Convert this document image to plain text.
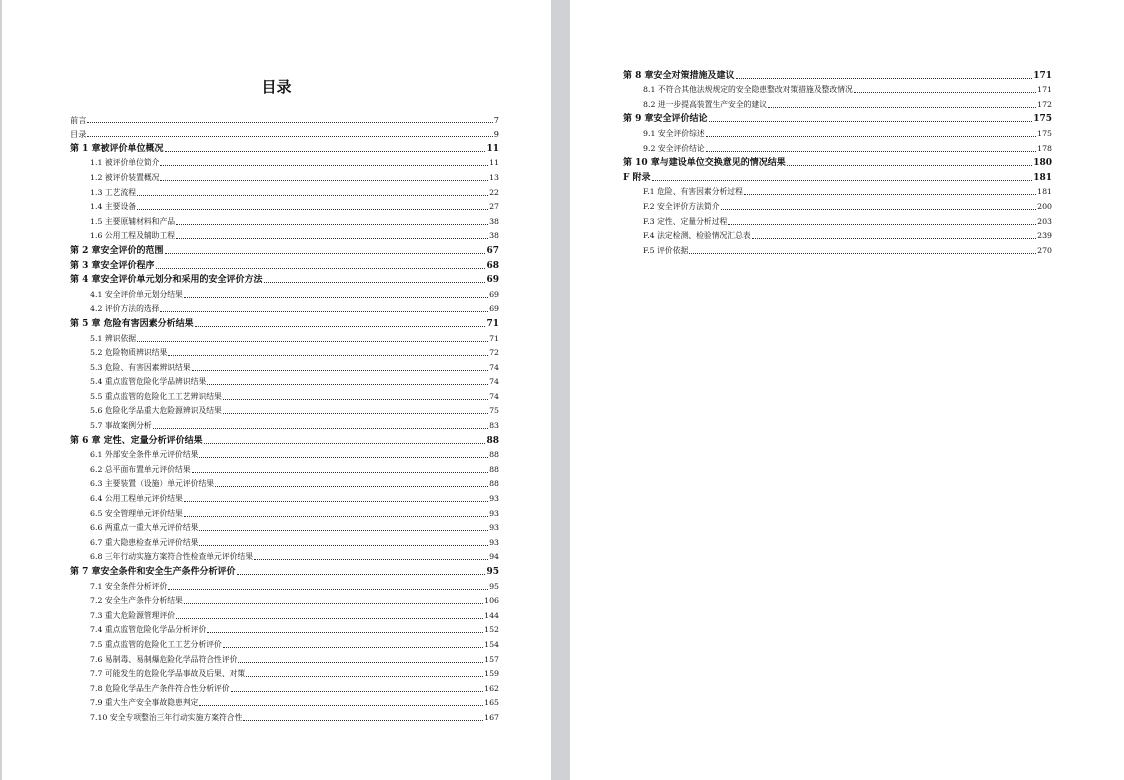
目录
前言	7
目录	9
第 1 章被评价单位概况	11
1.1 被评价单位简介	11
1.2 被评价装置概况	13
1.3 工艺流程	22
1.4 主要设备	27
1.5 主要原辅材料和产品	38
1.6 公用工程及辅助工程	38
第 2 章安全评价的范围	67
第 3 章安全评价程序	68
第 4 章安全评价单元划分和采用的安全评价方法	69
4.1 安全评价单元划分结果	69
4.2 评价方法的选择	69
第 5 章 危险有害因素分析结果	71
5.1 辨识依据	71
5.2 危险物质辨识结果	72
5.3 危险、有害因素辨识结果	74
5.4 重点监管危险化学品辨识结果	74
5.5 重点监管的危险化工工艺辨识结果	74
5.6 危险化学品重大危险源辨识及结果	75
5.7 事故案例分析	83
第 6 章 定性、定量分析评价结果	88
6.1 外部安全条件单元评价结果	88
6.2 总平面布置单元评价结果	88
6.3 主要装置（设施）单元评价结果	88
6.4 公用工程单元评价结果	93
6.5 安全管理单元评价结果	93
6.6 两重点一重大单元评价结果	93
6.7 重大隐患检查单元评价结果	93
6.8 三年行动实施方案符合性检查单元评价结果	94
第 7 章安全条件和安全生产条件分析评价	95
7.1 安全条件分析评价	95
7.2 安全生产条件分析结果	106
7.3 重大危险源管理评价	144
7.4 重点监管危险化学品分析评价	152
7.5 重点监管的危险化工工艺分析评价	154
7.6 易制毒、易制爆危险化学品符合性评价	157
7.7 可能发生的危险化学品事故及后果、对策	159
7.8 危险化学品生产条件符合性分析评价	162
7.9 重大生产安全事故隐患判定	165
7.10 安全专项整治三年行动实施方案符合性	167
第 8 章安全对策措施及建议	171
8.1 不符合其他法规规定的安全隐患整改对策措施及整改情况	171
8.2 进一步提高装置生产安全的建议	172
第 9 章安全评价结论	175
9.1 安全评价综述	175
9.2 安全评价结论	178
第 10 章与建设单位交换意见的情况结果	180
F 附录	181
F.1 危险、有害因素分析过程	181
F.2 安全评价方法简介	200
F.3 定性、定量分析过程	203
F.4 法定检测、检验情况汇总表	239
F.5 评价依据	270
